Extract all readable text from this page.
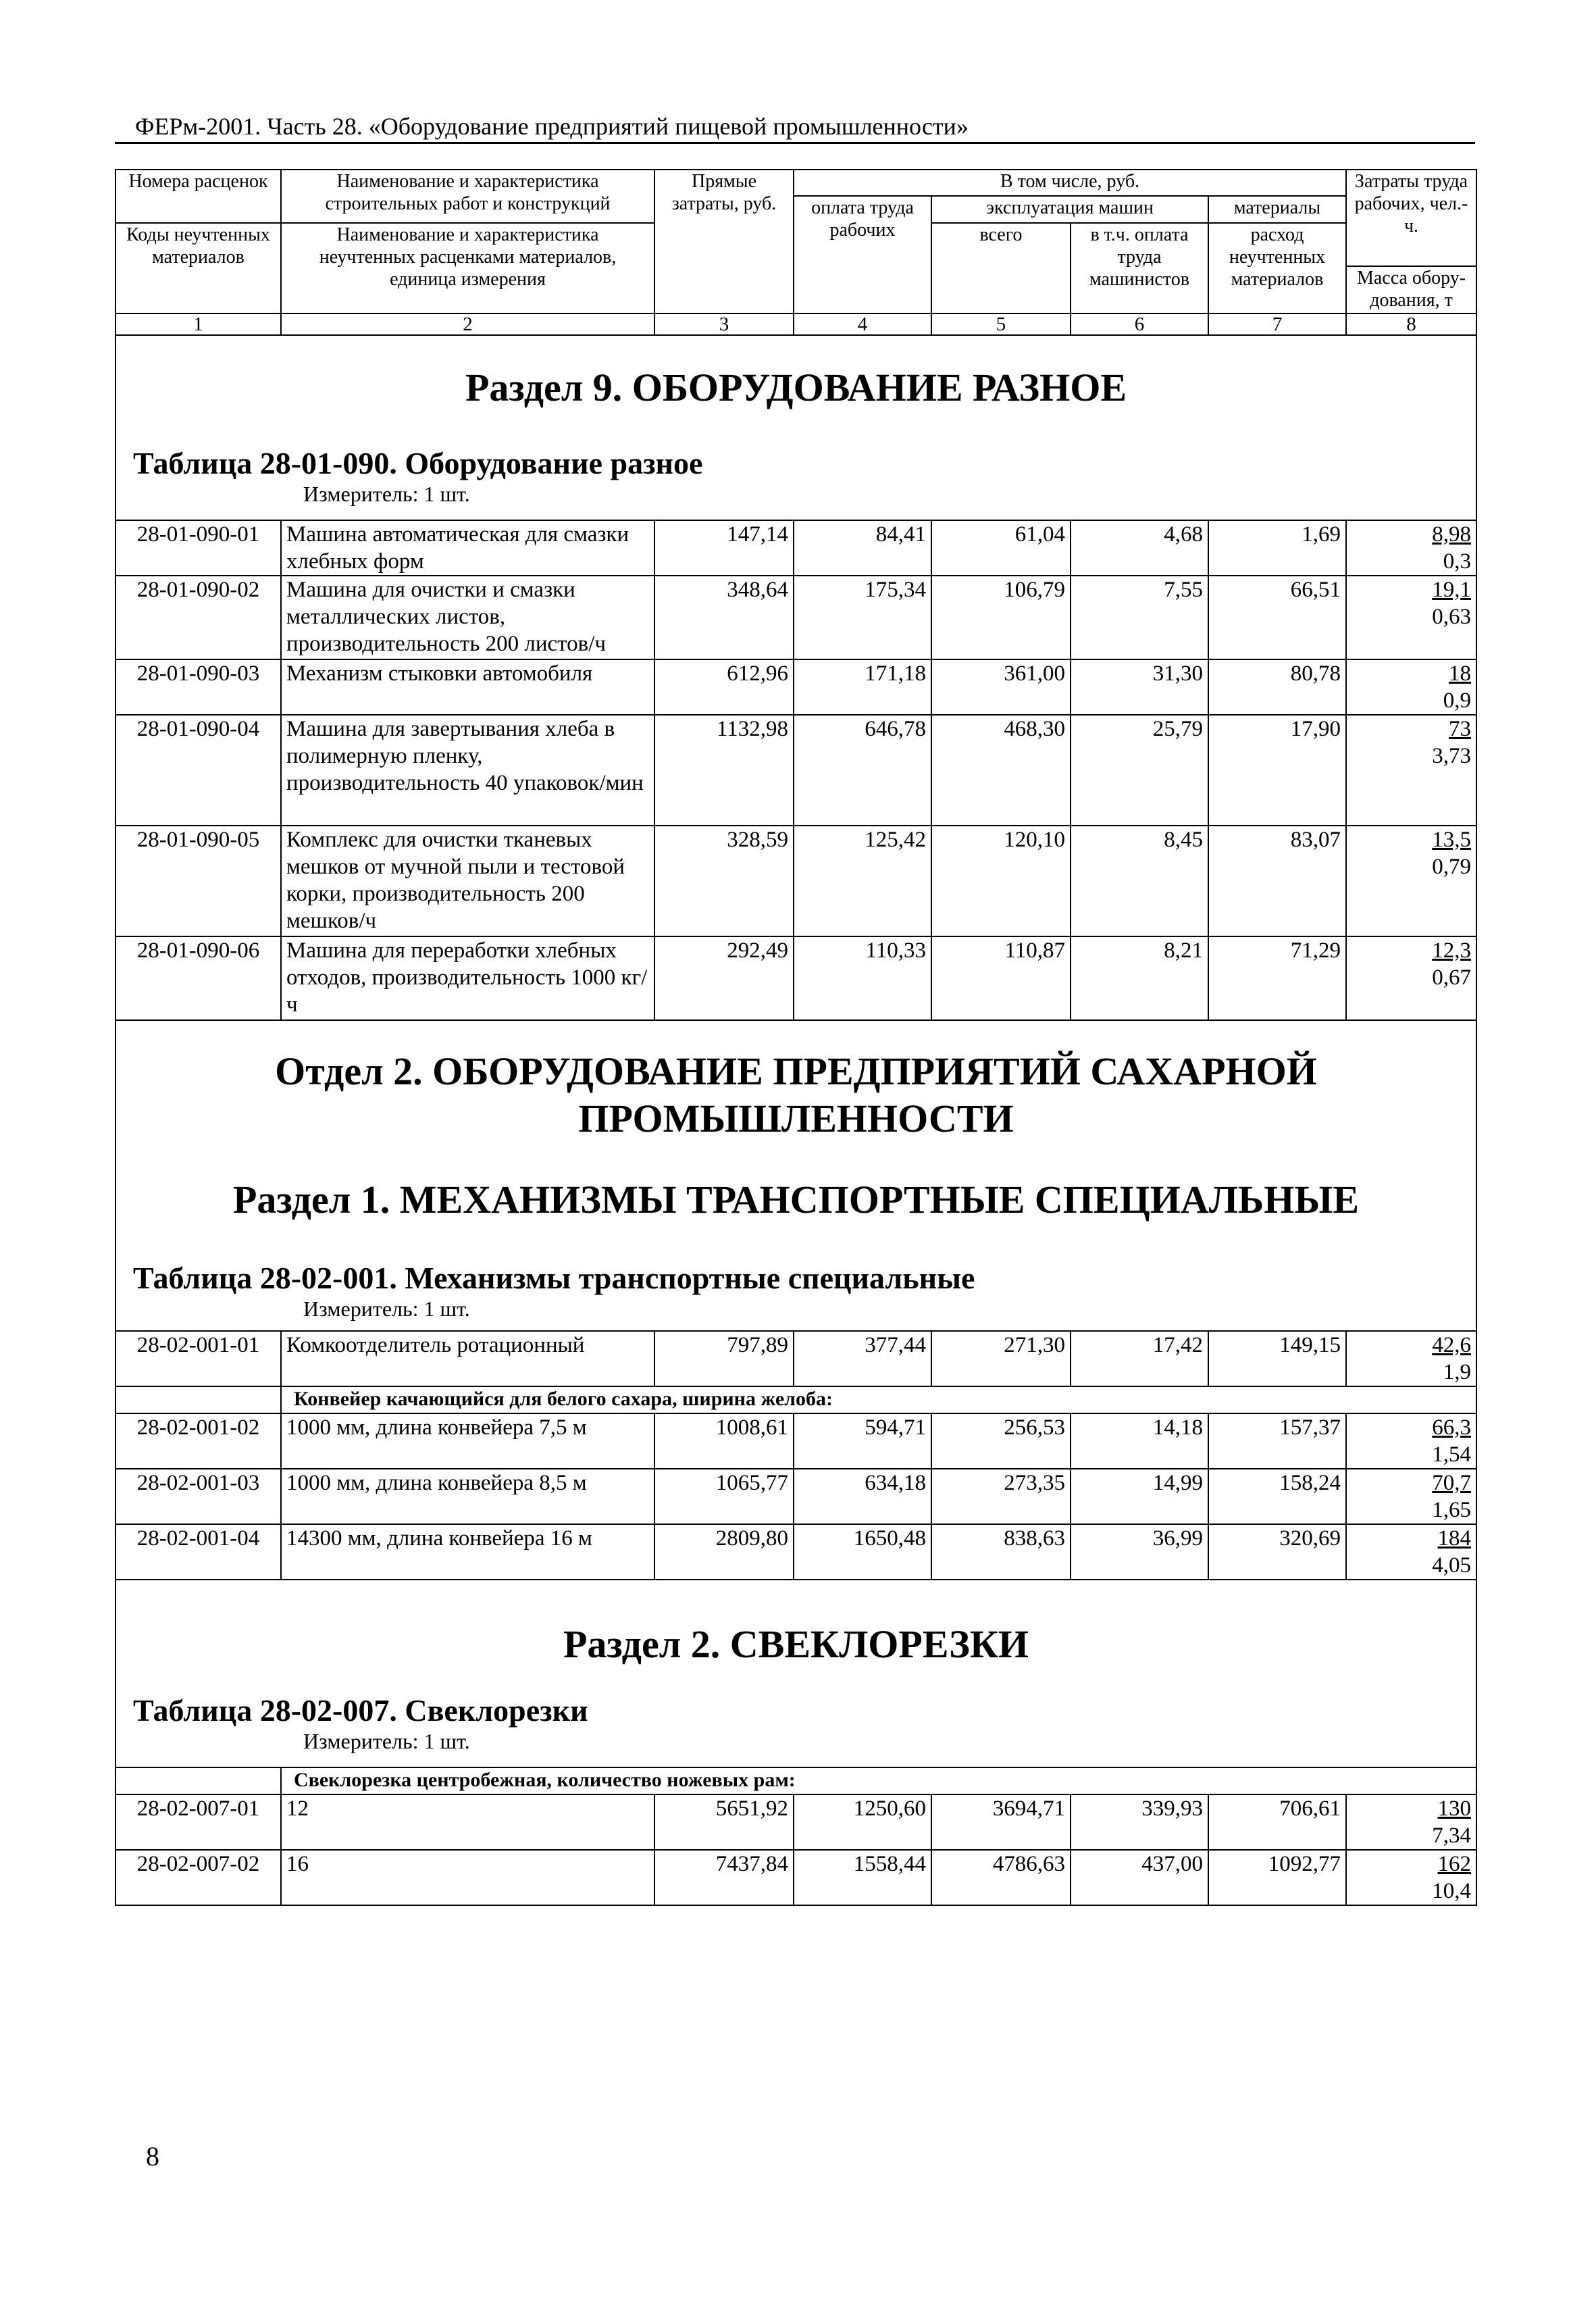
ФЕРм-2001. Часть 28. «Оборудование предприятий пищевой промышленности»
Номера расценок	Наименование и характеристика строительных работ и конструкций	Прямые затраты, руб.	В том числе, руб.				Затраты труда рабочих, чел.-ч.
			оплата труда рабочих	эксплуатация машин		материалы	
Коды неучтенных материалов	Наименование и характеристика неучтенных расценками материалов, единица измерения			всего	в т.ч. оплата труда машинистов	расход неучтенных материалов	
							Масса обору-дования, т
1	2	3	4	5	6	7	8

Раздел 9. ОБОРУДОВАНИЕ РАЗНОЕ
Таблица 28-01-090. Оборудование разное
Измеритель: 1 шт.							

28-01-090-01	Машина автоматическая для смазки хлебных форм	147,14	84,41	61,04	4,68	1,69	8,98
0,3

28-01-090-02	Машина для очистки и смазки металлических листов, производительность 200 листов/ч	348,64	175,34	106,79	7,55	66,51	19,1
0,63

28-01-090-03	Механизм стыковки автомобиля	612,96	171,18	361,00	31,30	80,78	18
0,9

28-01-090-04	Машина для завертывания хлеба в полимерную пленку, производительность 40 упаковок/мин	1132,98	646,78	468,30	25,79	17,90	73
3,73

28-01-090-05	Комплекс для очистки тканевых мешков от мучной пыли и тестовой корки, производительность 200 мешков/ч	328,59	125,42	120,10	8,45	83,07	13,5
0,79

28-01-090-06	Машина для переработки хлебных отходов, производительность 1000 кг/ч	292,49	110,33	110,87	8,21	71,29	12,3
0,67

Отдел 2. ОБОРУДОВАНИЕ ПРЕДПРИЯТИЙ САХАРНОЙ ПРОМЫШЛЕННОСТИ
Раздел 1. МЕХАНИЗМЫ ТРАНСПОРТНЫЕ СПЕЦИАЛЬНЫЕ
Таблица 28-02-001. Механизмы транспортные специальные
Измеритель: 1 шт.							

28-02-001-01	Комкоотделитель ротационный	797,89	377,44	271,30	17,42	149,15	42,6
1,9

	Конвейер качающийся для белого сахара, ширина желоба:						
28-02-001-02	1000 мм, длина конвейера 7,5 м	1008,61	594,71	256,53	14,18	157,37	66,3
1,54

28-02-001-03	1000 мм, длина конвейера 8,5 м	1065,77	634,18	273,35	14,99	158,24	70,7
1,65

28-02-001-04	14300 мм, длина конвейера 16 м	2809,80	1650,48	838,63	36,99	320,69	184
4,05

Раздел 2. СВЕКЛОРЕЗКИ
Таблица 28-02-007. Свеклорезки
Измеритель: 1 шт.							

	Свеклорезка центробежная, количество ножевых рам:						
28-02-007-01	12	5651,92	1250,60	3694,71	339,93	706,61	130
7,34

28-02-007-02	16	7437,84	1558,44	4786,63	437,00	1092,77	162
10,4
8
